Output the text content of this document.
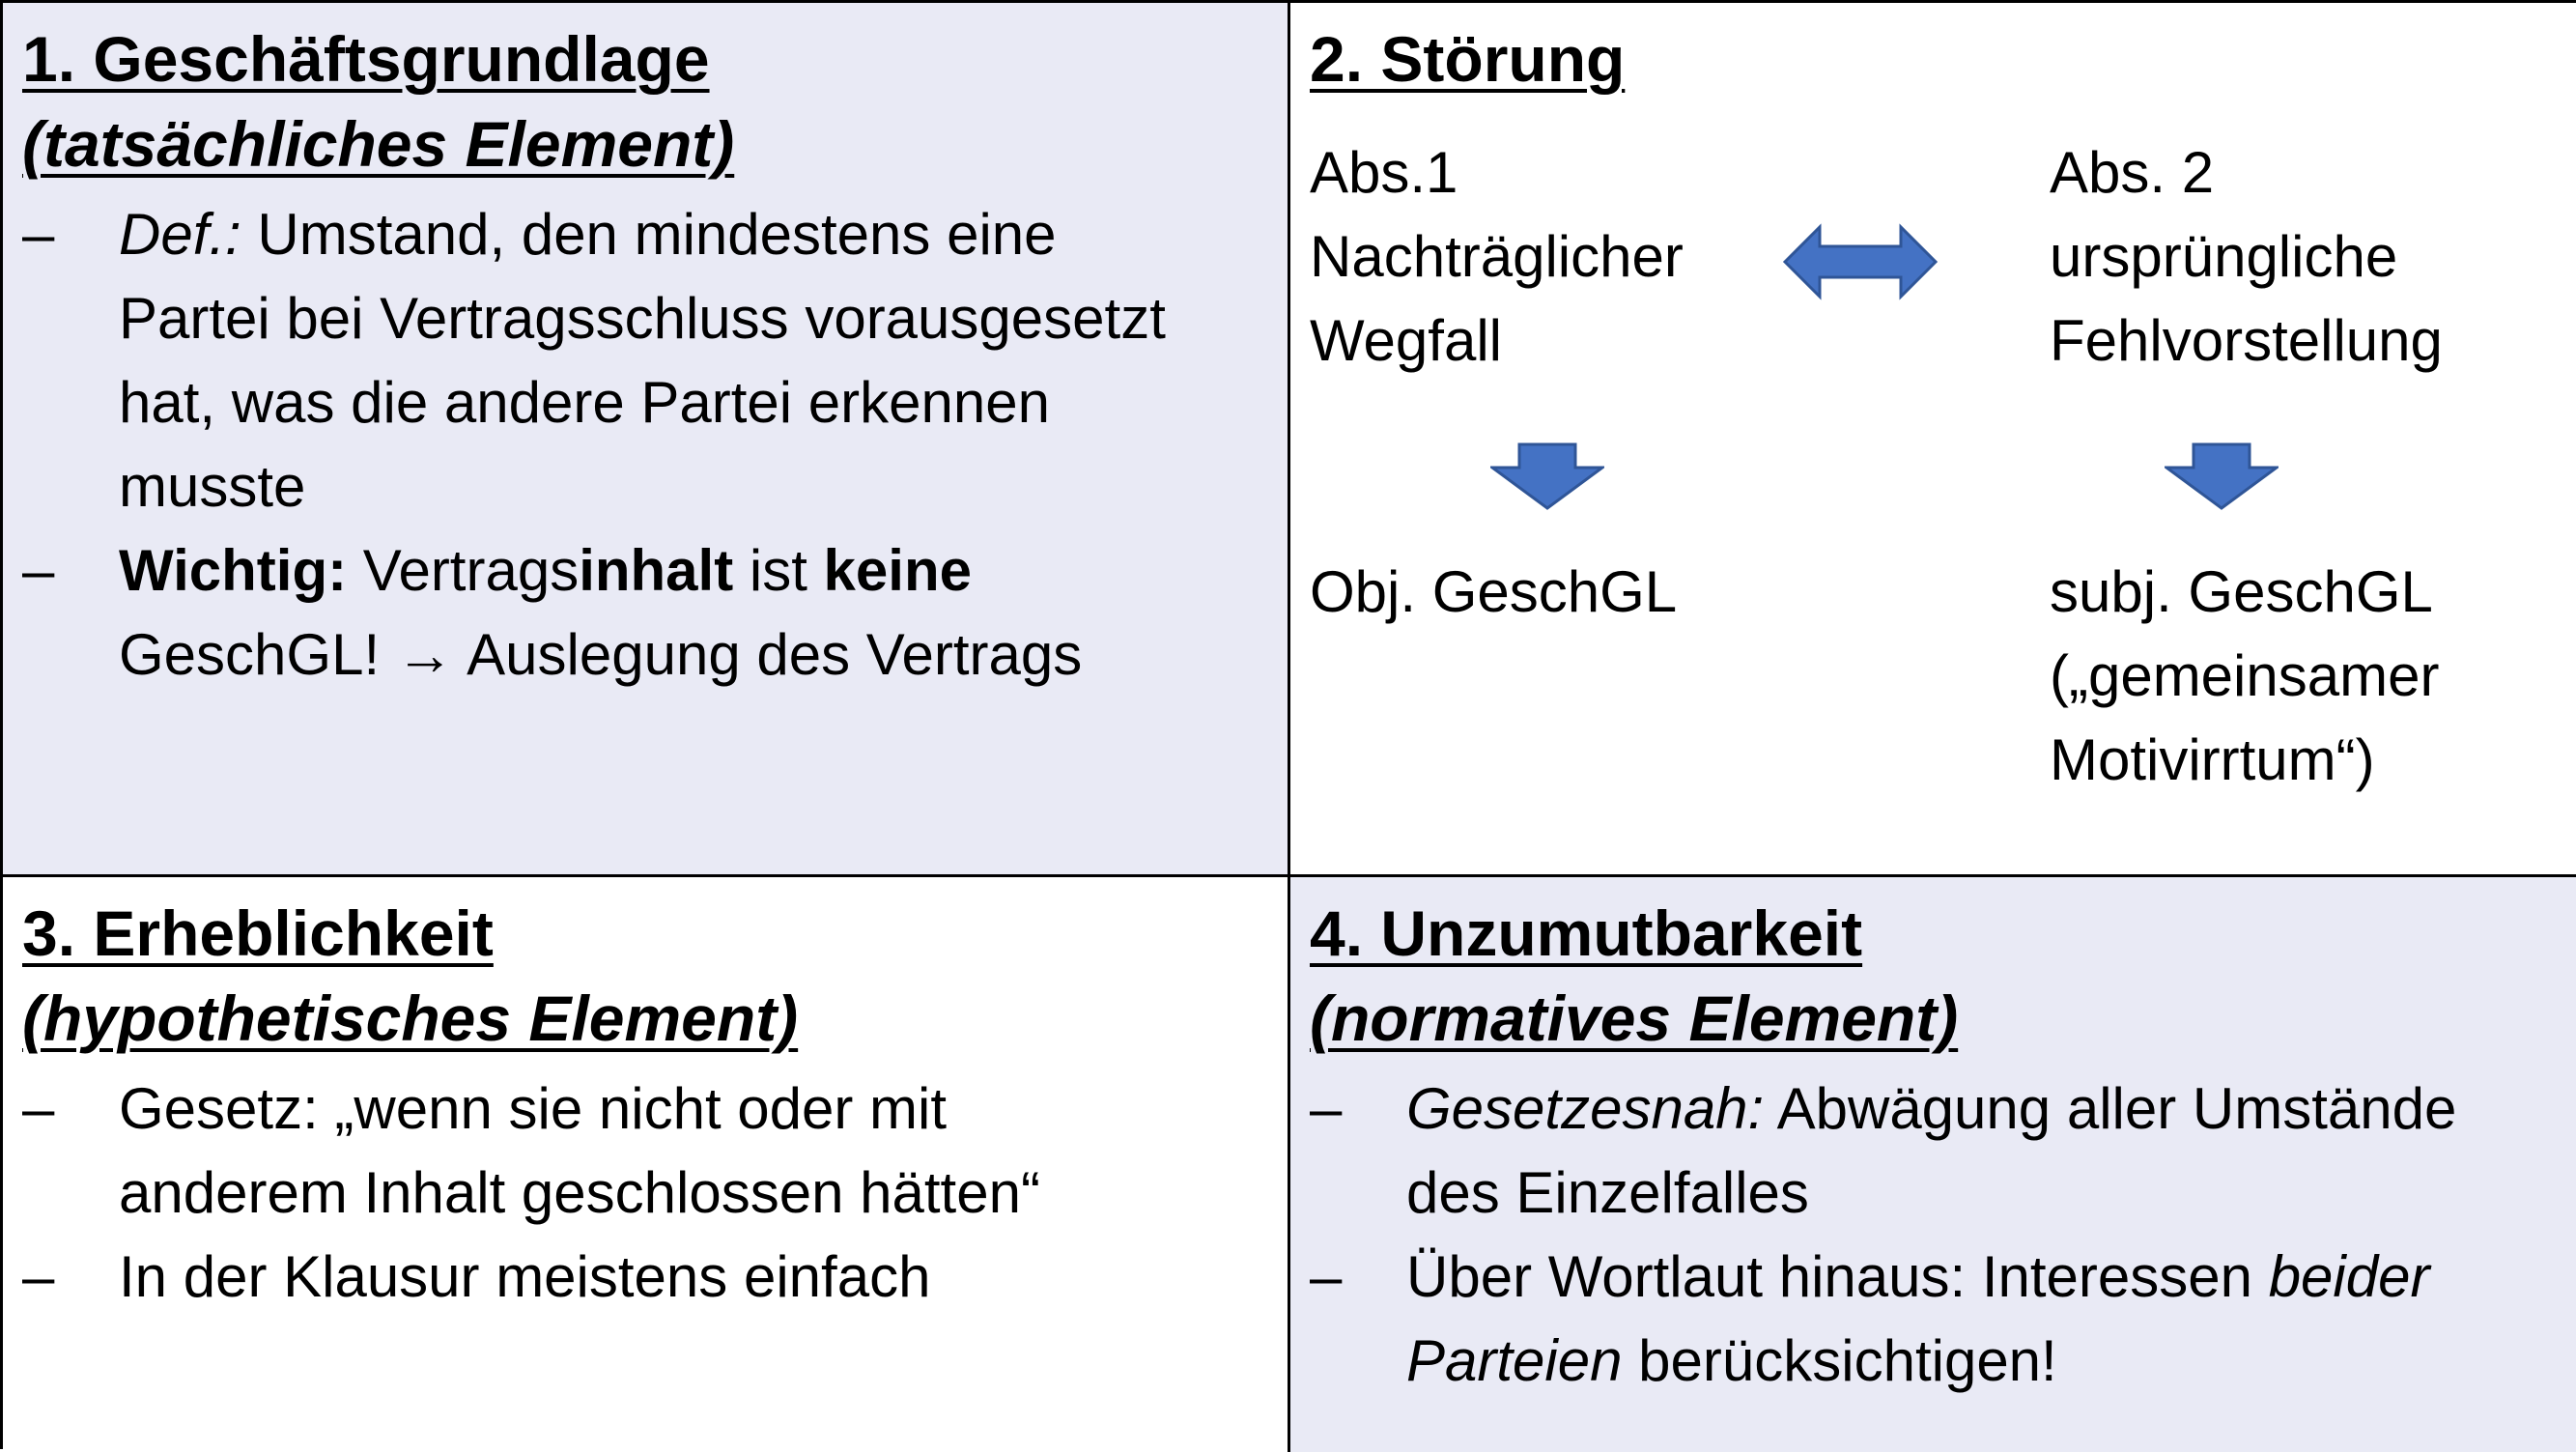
1. Geschäftsgrundlage
(tatsächliches Element)
–	Def.: Umstand, den mindestens eine
Partei bei Vertragsschluss vorausgesetzt
hat, was die andere Partei erkennen
musste
–	Wichtig: Vertragsinhalt ist keine
GeschGL! → Auslegung des Vertrags
2. Störung
Abs.1
Nachträglicher
Wegfall
Abs. 2
ursprüngliche
Fehlvorstellung
Obj. GeschGL	subj. GeschGL
(„gemeinsamer
Motivirrtum“)
3. Erheblichkeit
(hypothetisches Element)
–	Gesetz: „wenn sie nicht oder mit
anderem Inhalt geschlossen hätten“
–	In der Klausur meistens einfach
4. Unzumutbarkeit
(normatives Element)
–	Gesetzesnah: Abwägung aller Umstände
des Einzelfalles
–	Über Wortlaut hinaus: Interessen beider
Parteien berücksichtigen!
